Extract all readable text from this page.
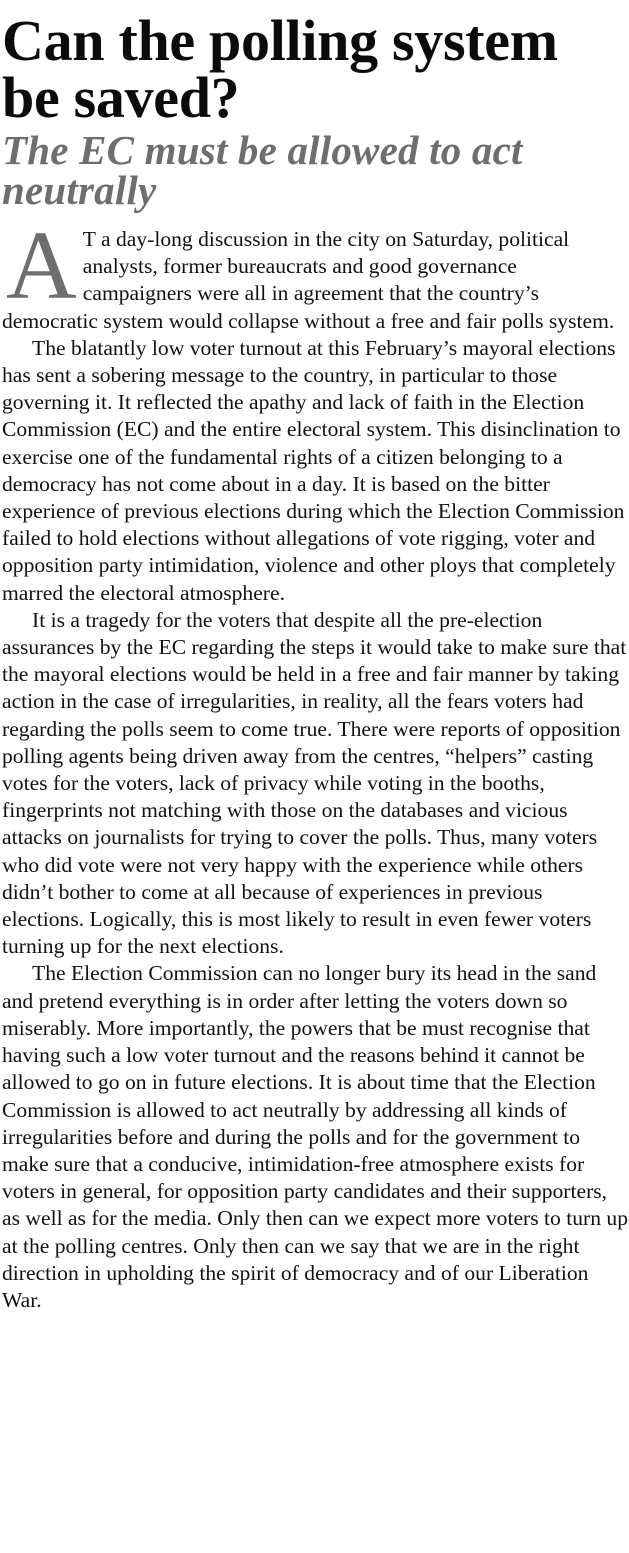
Can the polling system be saved?
The EC must be allowed to act neutrally

A T a day-long discussion in the city on Saturday, political analysts, former bureaucrats and good governance campaigners were all in agreement that the country’s democratic system would collapse without a free and fair polls system.

The blatantly low voter turnout at this February’s mayoral elections has sent a sobering message to the country, in particular to those governing it. It reflected the apathy and lack of faith in the Election Commission (EC) and the entire electoral system. This disinclination to exercise one of the fundamental rights of a citizen belonging to a democracy has not come about in a day. It is based on the bitter experience of previous elections during which the Election Commission failed to hold elections without allegations of vote rigging, voter and opposition party intimidation, violence and other ploys that completely marred the electoral atmosphere.

It is a tragedy for the voters that despite all the pre-election assurances by the EC regarding the steps it would take to make sure that the mayoral elections would be held in a free and fair manner by taking action in the case of irregularities, in reality, all the fears voters had regarding the polls seem to come true. There were reports of opposition polling agents being driven away from the centres, “helpers” casting votes for the voters, lack of privacy while voting in the booths, fingerprints not matching with those on the databases and vicious attacks on journalists for trying to cover the polls. Thus, many voters who did vote were not very happy with the experience while others didn’t bother to come at all because of experiences in previous elections. Logically, this is most likely to result in even fewer voters turning up for the next elections.

The Election Commission can no longer bury its head in the sand and pretend everything is in order after letting the voters down so miserably. More importantly, the powers that be must recognise that having such a low voter turnout and the reasons behind it cannot be allowed to go on in future elections. It is about time that the Election Commission is allowed to act neutrally by addressing all kinds of irregularities before and during the polls and for the government to make sure that a conducive, intimidation-free atmosphere exists for voters in general, for opposition party candidates and their supporters, as well as for the media. Only then can we expect more voters to turn up at the polling centres. Only then can we say that we are in the right direction in upholding the spirit of democracy and of our Liberation War.
